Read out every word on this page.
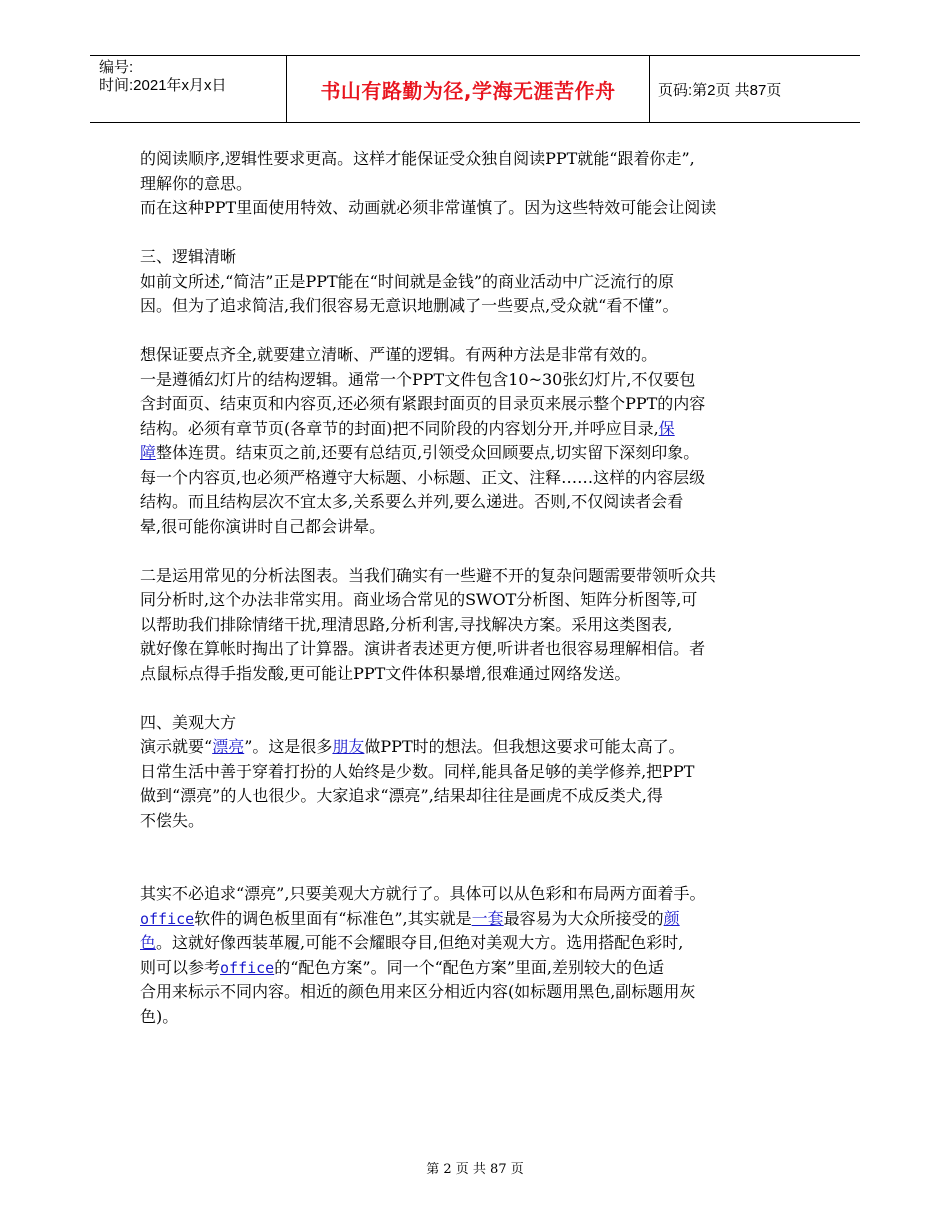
编号:
时间:2021年x月x日	书山有路勤为径,学海无涯苦作舟	页码:第2页 共87页
的阅读顺序,逻辑性要求更高。这样才能保证受众独自阅读PPT就能“跟着你走”,
理解你的意思。
而在这种PPT里面使用特效、动画就必须非常谨慎了。因为这些特效可能会让阅读
三、逻辑清晰
如前文所述,“简洁”正是PPT能在“时间就是金钱”的商业活动中广泛流行的原
因。但为了追求简洁,我们很容易无意识地删减了一些要点,受众就“看不懂”。
想保证要点齐全,就要建立清晰、严谨的逻辑。有两种方法是非常有效的。
一是遵循幻灯片的结构逻辑。通常一个PPT文件包含10~30张幻灯片,不仅要包
含封面页、结束页和内容页,还必须有紧跟封面页的目录页来展示整个PPT的内容
结构。必须有章节页(各章节的封面)把不同阶段的内容划分开,并呼应目录,保
障整体连贯。结束页之前,还要有总结页,引领受众回顾要点,切实留下深刻印象。
每一个内容页,也必须严格遵守大标题、小标题、正文、注释……这样的内容层级
结构。而且结构层次不宜太多,关系要么并列,要么递进。否则,不仅阅读者会看
晕,很可能你演讲时自己都会讲晕。
二是运用常见的分析法图表。当我们确实有一些避不开的复杂问题需要带领听众共
同分析时,这个办法非常实用。商业场合常见的SWOT分析图、矩阵分析图等,可
以帮助我们排除情绪干扰,理清思路,分析利害,寻找解决方案。采用这类图表,
就好像在算帐时掏出了计算器。演讲者表述更方便,听讲者也很容易理解相信。者
点鼠标点得手指发酸,更可能让PPT文件体积暴增,很难通过网络发送。
四、美观大方
演示就要“漂亮”。这是很多朋友做PPT时的想法。但我想这要求可能太高了。
日常生活中善于穿着打扮的人始终是少数。同样,能具备足够的美学修养,把PPT
做到“漂亮”的人也很少。大家追求“漂亮”,结果却往往是画虎不成反类犬,得
不偿失。
其实不必追求“漂亮”,只要美观大方就行了。具体可以从色彩和布局两方面着手。
office软件的调色板里面有“标准色”,其实就是一套最容易为大众所接受的颜
色。这就好像西装革履,可能不会耀眼夺目,但绝对美观大方。选用搭配色彩时,
则可以参考office的“配色方案”。同一个“配色方案”里面,差别较大的色适
合用来标示不同内容。相近的颜色用来区分相近内容(如标题用黑色,副标题用灰
色)。
第 2 页 共 87 页
